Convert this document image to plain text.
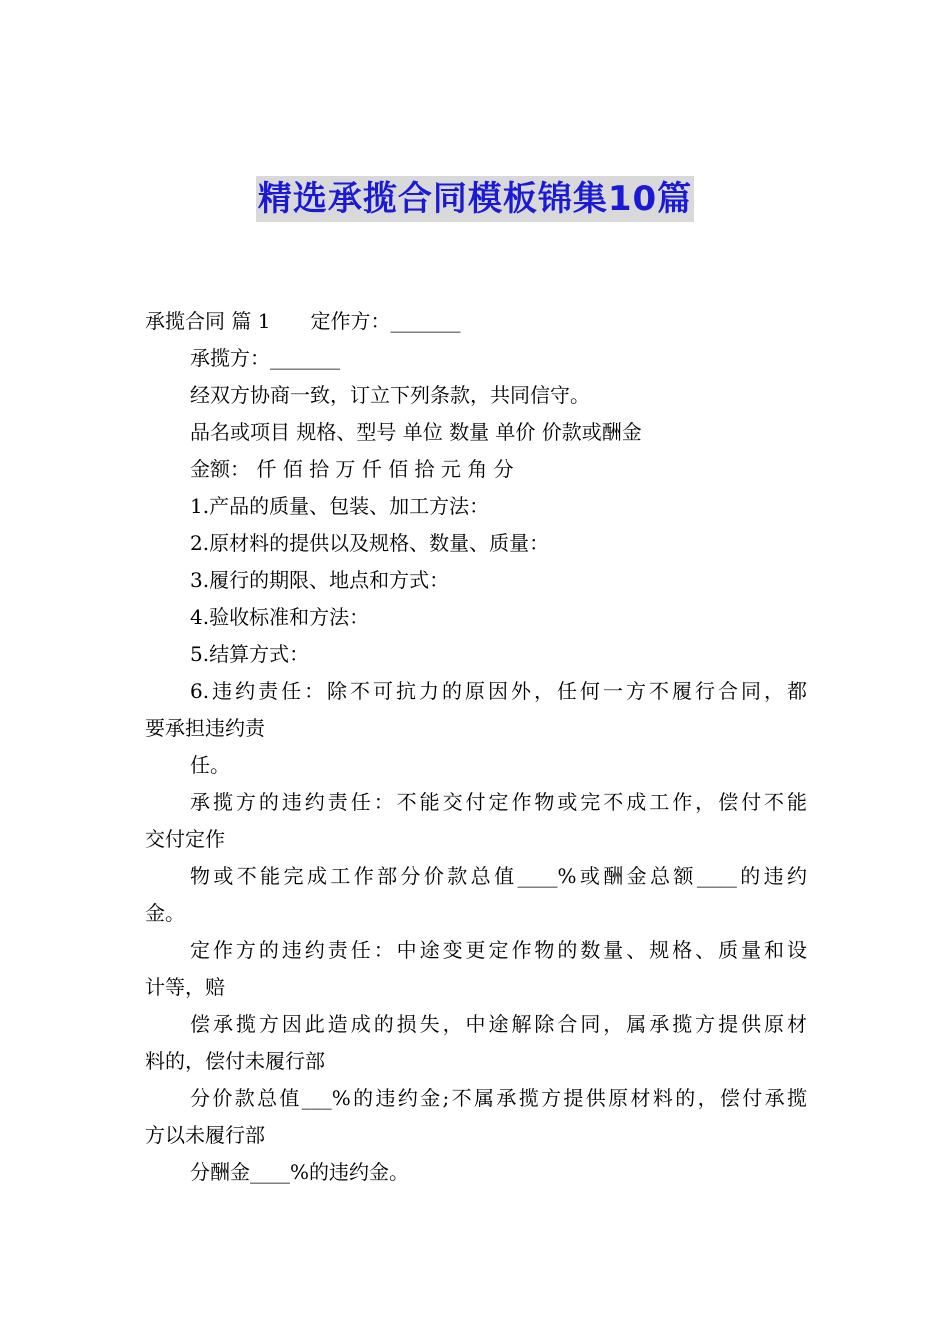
精选承揽合同模板锦集10篇
承揽合同 篇 1 定作方：_______
承揽方：_______
经双方协商一致，订立下列条款，共同信守。
品名或项目 规格、型号 单位 数量 单价 价款或酬金
金额： 仟 佰 拾 万 仟 佰 拾 元 角 分
1.产品的质量、包装、加工方法：
2.原材料的提供以及规格、数量、质量：
3.履行的期限、地点和方式：
4.验收标准和方法：
5.结算方式：
6.违约责任：除不可抗力的原因外，任何一方不履行合同，都
要承担违约责
任。
承揽方的违约责任：不能交付定作物或完不成工作，偿付不能
交付定作
物或不能完成工作部分价款总值____%或酬金总额____的违约
金。
定作方的违约责任：中途变更定作物的数量、规格、质量和设
计等，赔
偿承揽方因此造成的损失，中途解除合同，属承揽方提供原材
料的，偿付未履行部
分价款总值___%的违约金;不属承揽方提供原材料的，偿付承揽
方以未履行部
分酬金____%的违约金。
